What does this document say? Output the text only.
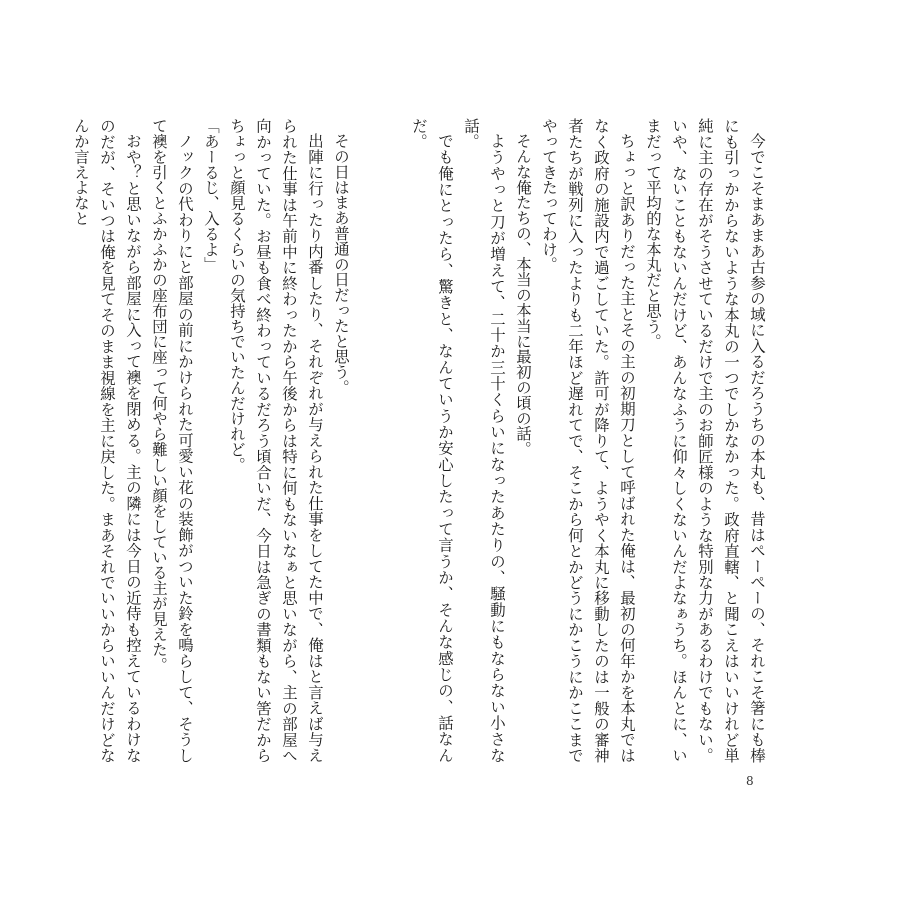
今でこそまあまあ古参の域に入るだろうちの本丸も、昔はぺーぺーの、それこそ箸にも棒にも引っかからないような本丸の一つでしかなかった。政府直轄、と聞こえはいいけれど単純に主の存在がそうさせているだけで主のお師匠様のような特別な力があるわけでもない。いや、ないこともないんだけど、あんなふうに仰々しくないんだよなぁうち。ほんとに、いまだって平均的な本丸だと思う。

ちょっと訳ありだった主とその主の初期刀として呼ばれた俺は、最初の何年かを本丸ではなく政府の施設内で過ごしていた。許可が降りて、ようやく本丸に移動したのは一般の審神者たちが戦列に入ったよりも二年ほど遅れてで、そこから何とかどうにかこうにかここまでやってきたってわけ。

そんな俺たちの、本当の本当に最初の頃の話。

ようやっと刀が増えて、二十か三十くらいになったあたりの、騒動にもならない小さな話。

でも俺にとったら、驚きと、なんていうか安心したって言うか、そんな感じの、話なんだ。

その日はまあ普通の日だったと思う。

出陣に行ったり内番したり、それぞれが与えられた仕事をしてた中で、俺はと言えば与えられた仕事は午前中に終わったから午後からは特に何もないなぁと思いながら、主の部屋へ向かっていた。お昼も食べ終わっているだろう頃合いだ、今日は急ぎの書類もない筈だからちょっと顔見るくらいの気持ちでいたんだけれど。

「あーるじ、入るよ」

ノックの代わりにと部屋の前にかけられた可愛い花の装飾がついた鈴を鳴らして、そうして襖を引くとふかふかの座布団に座って何やら難しい顔をしている主が見えた。

おや？と思いながら部屋に入って襖を閉める。主の隣には今日の近侍も控えているわけなのだが、そいつは俺を見てそのまま視線を主に戻した。まあそれでいいからいいんだけどなんか言えよなと

8
